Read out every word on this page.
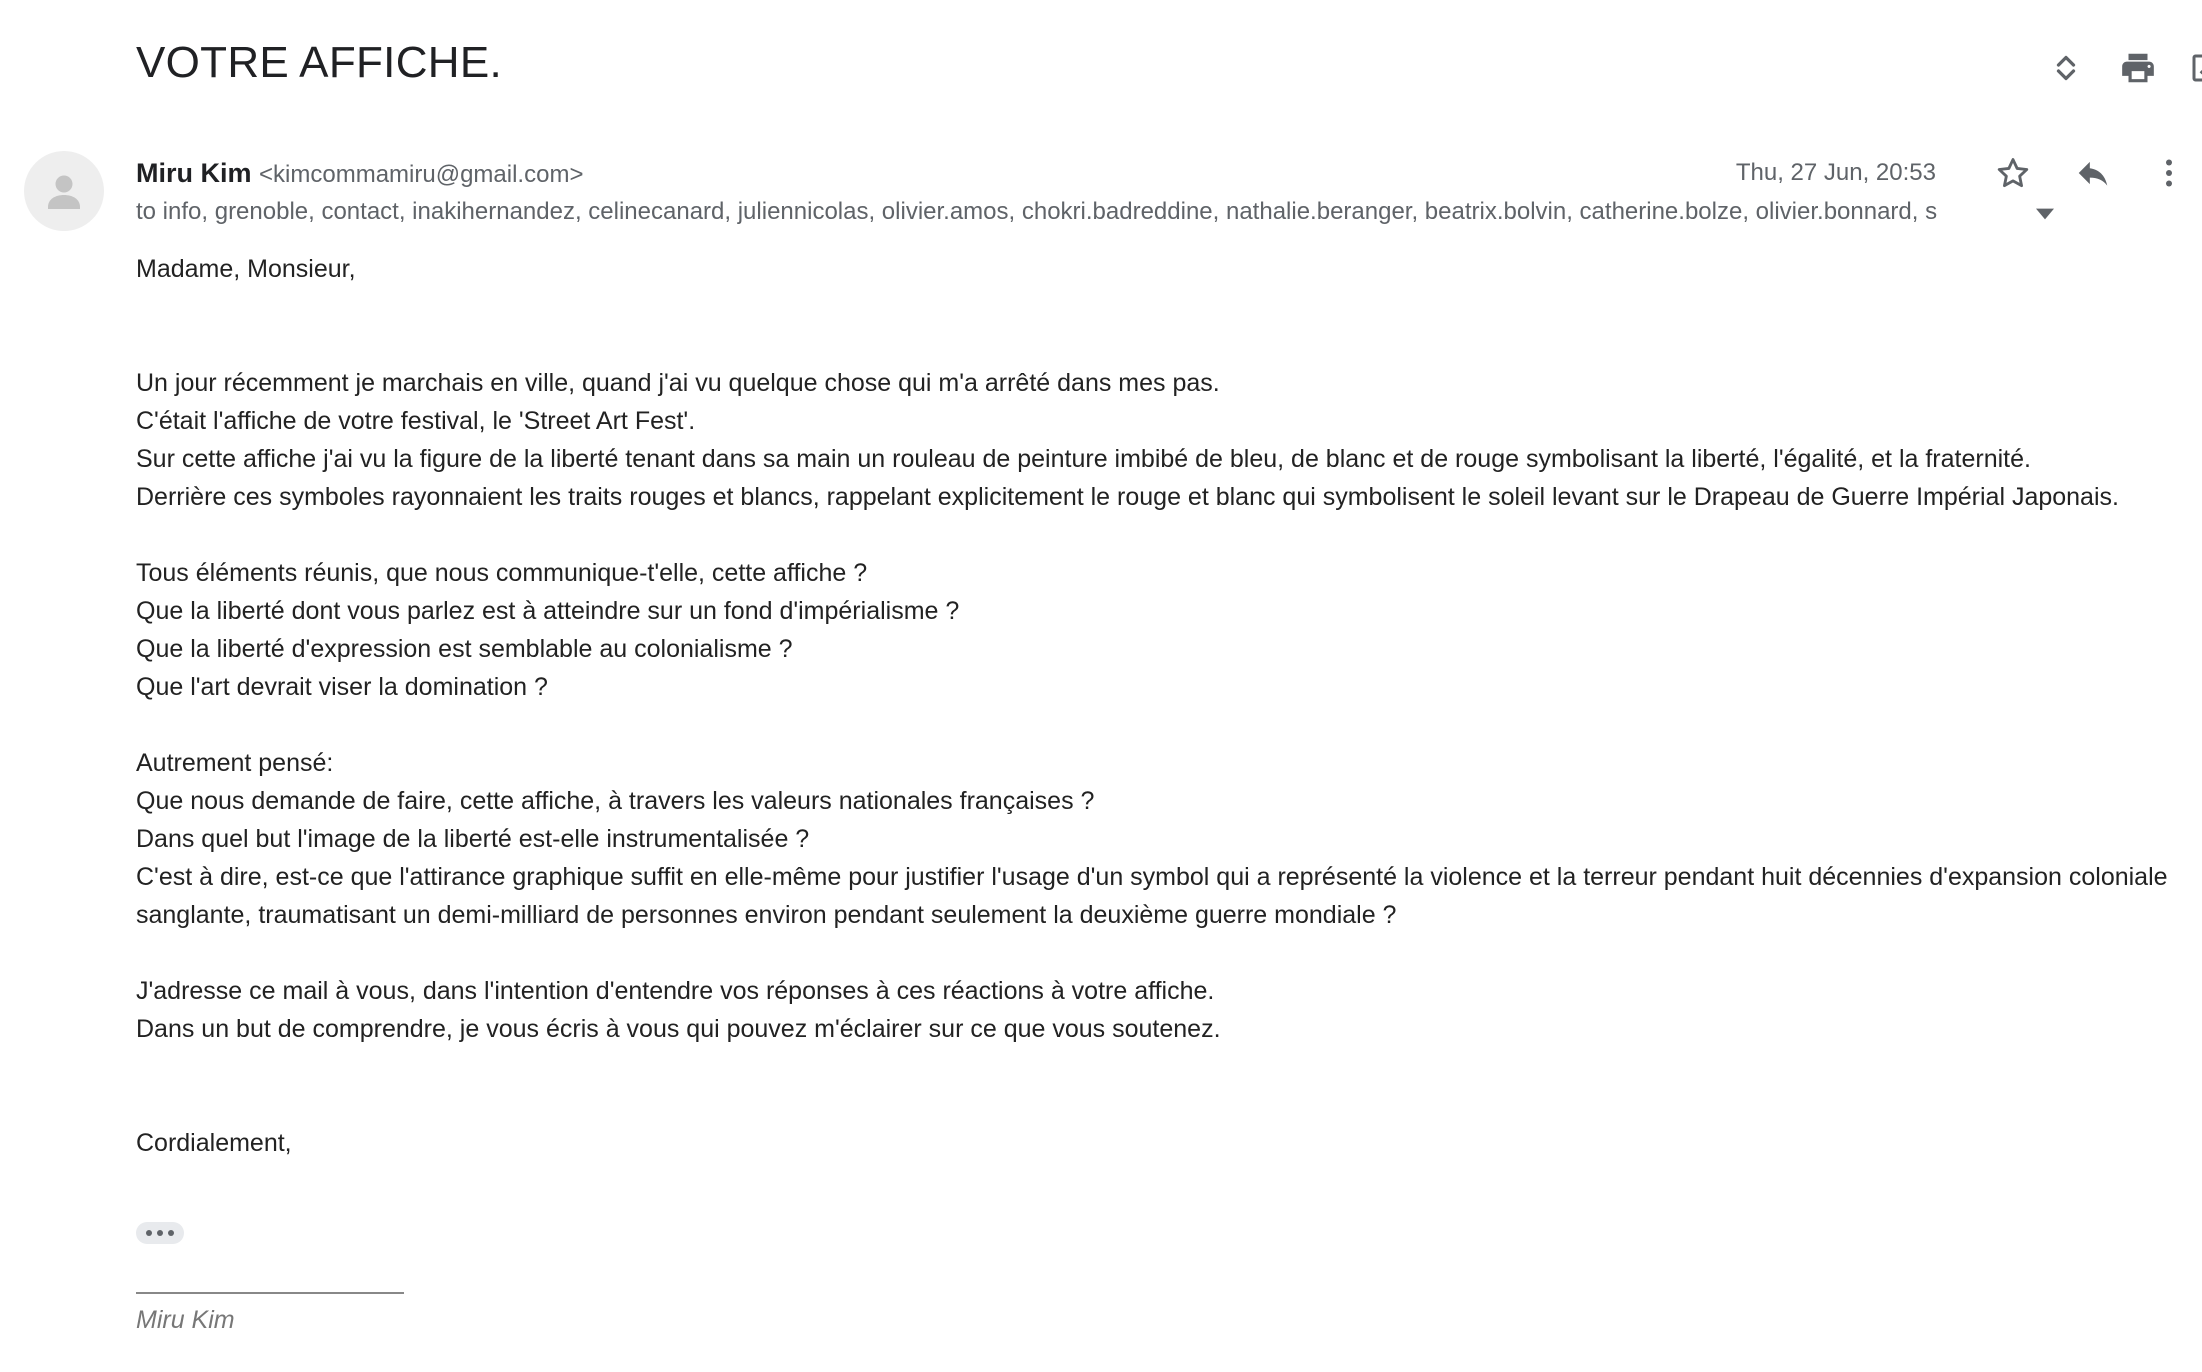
VOTRE AFFICHE.
Miru Kim <kimcommamiru@gmail.com>	Thu, 27 Jun, 20:53
to info, grenoble, contact, inakihernandez, celinecanard, juliennicolas, olivier.amos, chokri.badreddine, nathalie.beranger, beatrix.bolvin, catherine.bolze, olivier.bonnard, s

Madame, Monsieur,

Un jour récemment je marchais en ville, quand j'ai vu quelque chose qui m'a arrêté dans mes pas.

C'était l'affiche de votre festival, le 'Street Art Fest'.

Sur cette affiche j'ai vu la figure de la liberté tenant dans sa main un rouleau de peinture imbibé de bleu, de blanc et de rouge symbolisant la liberté, l'égalité, et la fraternité.

Derrière ces symboles rayonnaient les traits rouges et blancs, rappelant explicitement le rouge et blanc qui symbolisent le soleil levant sur le Drapeau de Guerre Impérial Japonais.

Tous éléments réunis, que nous communique-t'elle, cette affiche ?

Que la liberté dont vous parlez est à atteindre sur un fond d'impérialisme ?

Que la liberté d'expression est semblable au colonialisme ?

Que l'art devrait viser la domination ?

Autrement pensé:

Que nous demande de faire, cette affiche, à travers les valeurs nationales françaises ?

Dans quel but l'image de la liberté est-elle instrumentalisée ?

C'est à dire, est-ce que l'attirance graphique suffit en elle-même pour justifier l'usage d'un symbol qui a représenté la violence et la terreur pendant huit décennies d'expansion coloniale sanglante, traumatisant un demi-milliard de personnes environ pendant seulement la deuxième guerre mondiale ?

J'adresse ce mail à vous, dans l'intention d'entendre vos réponses à ces réactions à votre affiche.

Dans un but de comprendre, je vous écris à vous qui pouvez m'éclairer sur ce que vous soutenez.

Cordialement,

Miru Kim
